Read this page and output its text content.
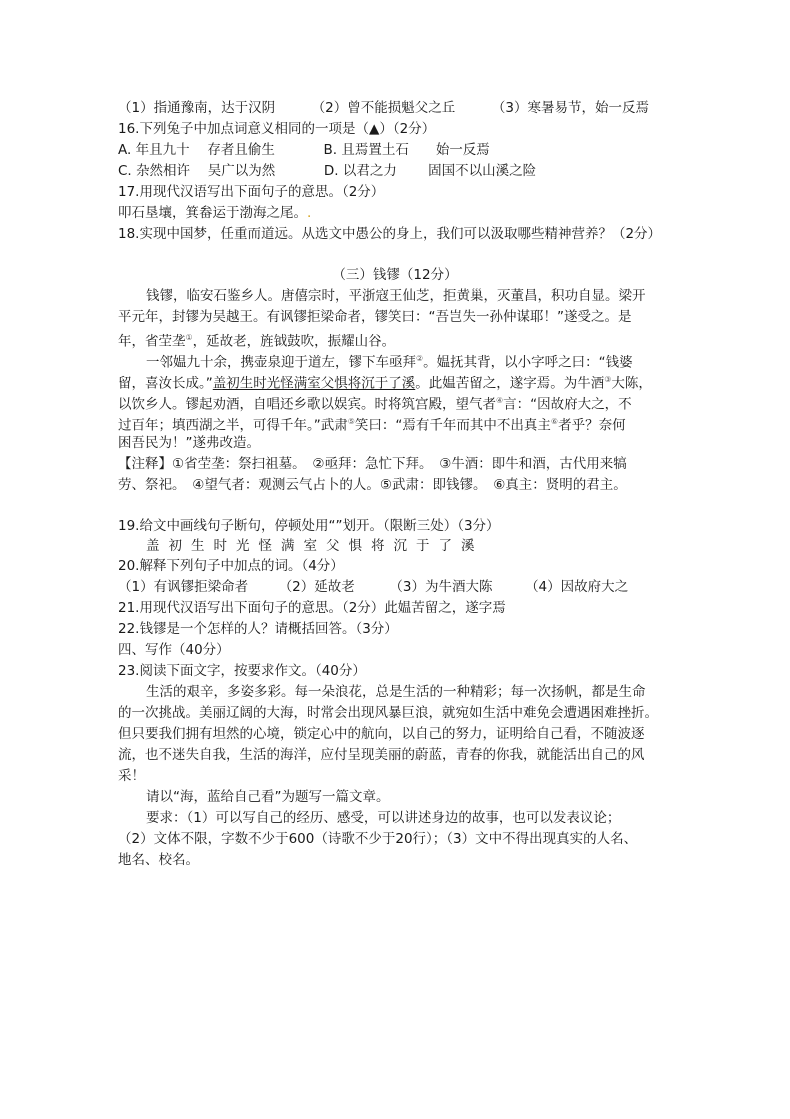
（1）指通豫南，达于汉阴	（2）曾不能损魁父之丘	（3）寒暑易节，始一反焉
16.下列兔子中加点词意义相同的一项是（▲）（2分）
A. 年且九十　 存者且偷生	B. 且焉置土石　　始一反焉
C. 杂然相许　 吴广以为然	D. 以君之力　　 固国不以山溪之险
17.用现代汉语写出下面句子的意思。（2分）
叩石垦壤，箕畚运于渤海之尾。.
18.实现中国梦，任重而道远。从选文中愚公的身上，我们可以汲取哪些精神营养？（2分）
（三）钱镠（12分）
钱镠，临安石鉴乡人。唐僖宗时，平浙寇王仙芝，拒黄巢，灭董昌，积功自显。梁开
平元年，封镠为吴越王。有讽镠拒梁命者，镠笑曰：“吾岂失一孙仲谋耶！”遂受之。是
年，省茔垄①，延故老，旌钺鼓吹，振耀山谷。
一邻媪九十余，携壶泉迎于道左，镠下车亟拜②。媪抚其背，以小字呼之曰：“钱婆
留，喜汝长成。”盖初生时光怪满室父惧将沉于了溪。此媪苦留之，遂字焉。为牛酒③大陈，
以饮乡人。镠起劝酒，自唱还乡歌以娱宾。时将筑宫殿，望气者④言：“因故府大之，不
过百年；填西湖之半，可得千年。”武肃⑤笑曰：“焉有千年而其中不出真主⑥者乎？奈何
困吾民为！”遂弗改造。
【注释】①省茔垄：祭扫祖墓。　②亟拜：急忙下拜。　③牛酒：即牛和酒，古代用来犒
劳、祭祀。　④望气者：观测云气占卜的人。⑤武肃：即钱镠。　⑥真主：贤明的君主。
19.给文中画线句子断句，停顿处用“”划开。（限断三处）（3分）
盖初生时光怪满室父惧将沉于了溪
20.解释下列句子中加点的词。（4分）
（1）有讽镠拒梁命者 （2）延故老	（3）为牛酒大陈 （4）因故府大之
21.用现代汉语写出下面句子的意思。（2分）此媪苦留之，遂字焉
22.钱镠是一个怎样的人？请概括回答。（3分）
四、写作（40分）
23.阅读下面文字，按要求作文。（40分）
生活的艰辛，多姿多彩。每一朵浪花，总是生活的一种精彩；每一次扬帆，都是生命
的一次挑战。美丽辽阔的大海，时常会出现风暴巨浪，就宛如生活中难免会遭遇困难挫折。
但只要我们拥有坦然的心境，锁定心中的航向，以自己的努力，证明给自己看，不随波逐
流，也不迷失自我，生活的海洋，应付呈现美丽的蔚蓝，青春的你我，就能活出自己的风
采！
请以“海，蓝给自己看”为题写一篇文章。
要求：（1）可以写自己的经历、感受，可以讲述身边的故事，也可以发表议论；
（2）文体不限，字数不少于600（诗歌不少于20行）；（3）文中不得出现真实的人名、
地名、校名。
